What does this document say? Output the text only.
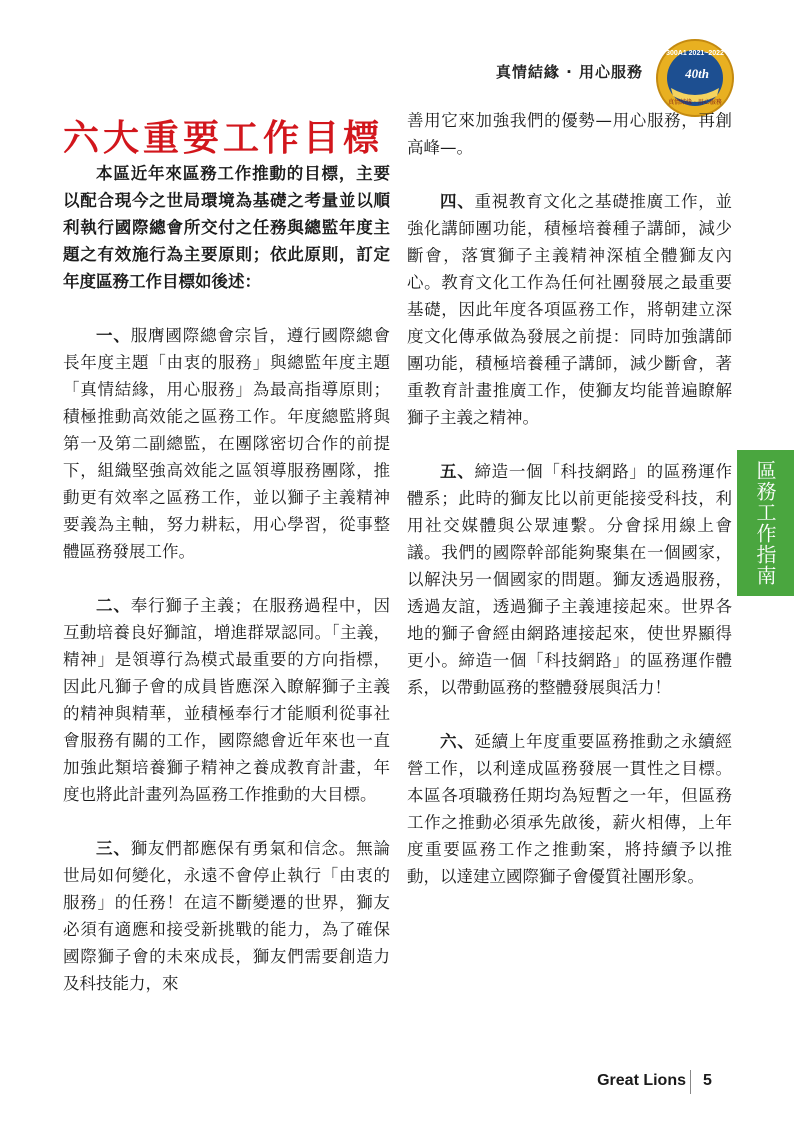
真情結緣 · 用心服務
300A1 2021~2022
40th
真情結緣 · 用心服務
六大重要工作目標

本區近年來區務工作推動的目標，主要以配合現今之世局環境為基礎之考量並以順利執行國際總會所交付之任務與總監年度主題之有效施行為主要原則；依此原則，訂定年度區務工作目標如後述：

一、服膺國際總會宗旨，遵行國際總會長年度主題「由衷的服務」與總監年度主題「真情結緣，用心服務」為最高指導原則；積極推動高效能之區務工作。年度總監將與第一及第二副總監，在團隊密切合作的前提下，組織堅強高效能之區領導服務團隊，推動更有效率之區務工作，並以獅子主義精神要義為主軸，努力耕耘，用心學習，從事整體區務發展工作。

二、奉行獅子主義；在服務過程中，因互動培養良好獅誼，增進群眾認同。「主義，精神」是領導行為模式最重要的方向指標，因此凡獅子會的成員皆應深入瞭解獅子主義的精神與精華，並積極奉行才能順利從事社會服務有關的工作，國際總會近年來也一直加強此類培養獅子精神之養成教育計畫，年度也將此計畫列為區務工作推動的大目標。

三、獅友們都應保有勇氣和信念。無論世局如何變化，永遠不會停止執行「由衷的服務」的任務！在這不斷變遷的世界，獅友必須有適應和接受新挑戰的能力，為了確保國際獅子會的未來成長，獅友們需要創造力及科技能力，來

善用它來加強我們的優勢—用心服務，再創高峰—。

四、重視教育文化之基礎推廣工作，並強化講師團功能，積極培養種子講師，減少斷會，落實獅子主義精神深植全體獅友內心。教育文化工作為任何社團發展之最重要基礎，因此年度各項區務工作，將朝建立深度文化傳承做為發展之前提：同時加強講師團功能，積極培養種子講師，減少斷會，著重教育計畫推廣工作，使獅友均能普遍瞭解獅子主義之精神。

五、締造一個「科技網路」的區務運作體系；此時的獅友比以前更能接受科技，利用社交媒體與公眾連繫。分會採用線上會議。我們的國際幹部能夠聚集在一個國家，以解決另一個國家的問題。獅友透過服務，透過友誼，透過獅子主義連接起來。世界各地的獅子會經由網路連接起來，使世界顯得更小。締造一個「科技網路」的區務運作體系，以帶動區務的整體發展與活力！

六、延續上年度重要區務推動之永續經營工作，以利達成區務發展一貫性之目標。本區各項職務任期均為短暫之一年，但區務工作之推動必須承先啟後，薪火相傳，上年度重要區務工作之推動案，將持續予以推動，以達建立國際獅子會優質社團形象。

區務工作指南
Great Lions 5
